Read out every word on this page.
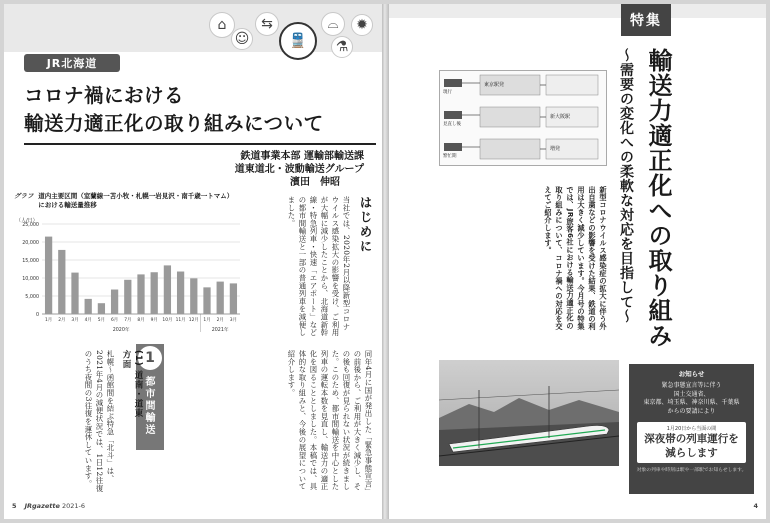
⌂
☺
⇆
🚆
⌓
⚗
✹
JR北海道
コロナ禍における
輸送力適正化の取り組みについて
鉄道事業本部 運輸部輸送課
道東道北・波動輸送グループ
濱田　伸昭
はじめに
当社では、2020年2月以降新型コロナウイルス感染拡大の影響を受け、ご利用が大幅に減少したことから、北海道新幹線・特急列車・快速「エアポート」などの都市間輸送と一部の普通列車を減便しました。
グラフ 道内主要区間（室蘭線一苫小牧・札幌一岩見沢・南千歳一トマム）
における輸送量推移
（人/日）
0
5,000
10,000
15,000
20,000
25,000
1月 2月 3月 4月 5月 6月 7月 8月 9月 10月 11月 12月 1月 2月 3月
2020年	2021年
1
都市間輸送
(1) 道南・道東方面
札幌～函館間を結ぶ特急「北斗」は、2021年4月の減便状況では、1日12往復のうち夜間の3往復を運休しています。	同年4月に国が発出した「緊急事態宣言」の前後から、ご利用が大きく減少し、その後も回復が見られない状況が続きました。このため、都市間輸送を中心とした列車の運転本数を見直し、輸送力の適正化を図ることとしました。本稿では、具体的な取り組みと、今後の展望について紹介します。
5 JRgazette 2021-6
特集
現行
見直し後
繁忙期
東京駅発
新大阪駅
増発	輸送力適正化への取り組み
〜需要の変化への柔軟な対応を目指して〜
新型コロナウイルス感染症の拡大に伴う外出自粛などの影響を受けた結果、鉄道の利用は大きく減少しています。今月号の特集では、JR旅客6社における輸送力適正化の取り組みについて、コロナ禍への対応を交えてご紹介します。
お知らせ
緊急事態宣言等に伴う
国土交通省、
東京都、埼玉県、神奈川県、千葉県
からの要請により
1月20日から当面の間
深夜帯の列車運行を
減らします
対象の列車や時刻は駅や一部駅でお知らせします。
4
